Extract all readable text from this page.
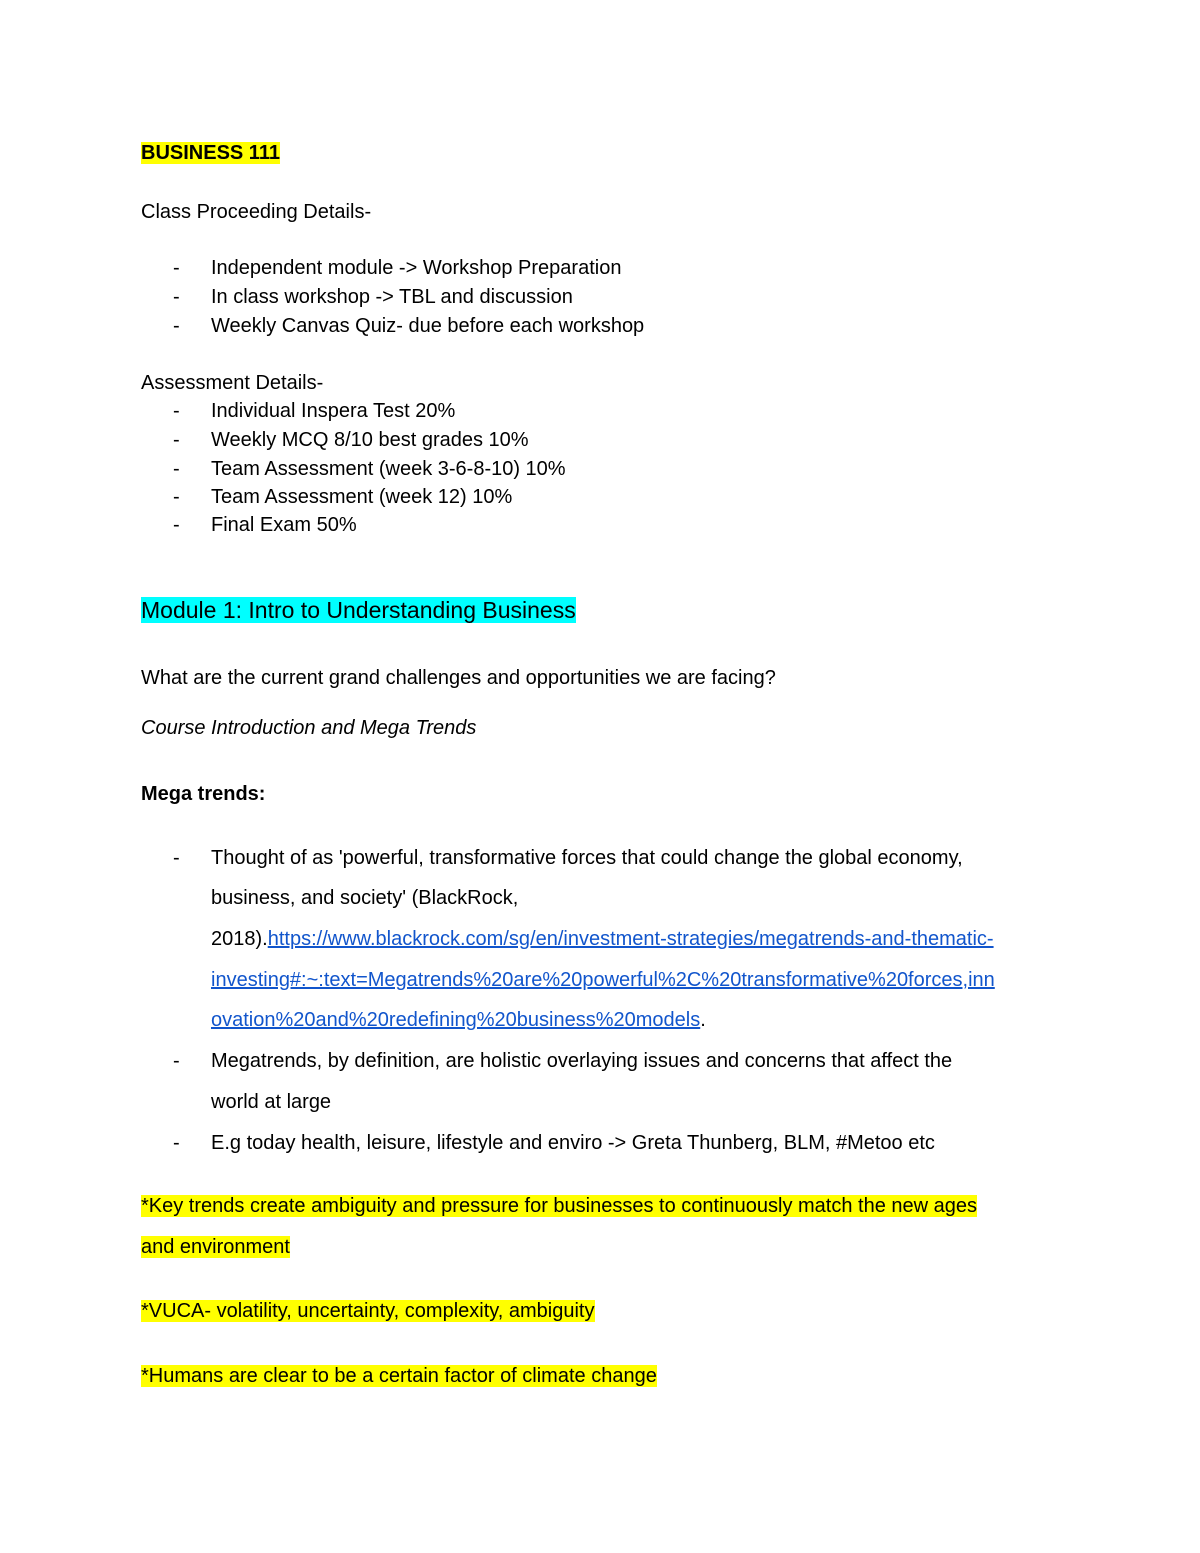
BUSINESS 111
Class Proceeding Details-
- Independent module -> Workshop Preparation
- In class workshop -> TBL and discussion
- Weekly Canvas Quiz- due before each workshop
Assessment Details-
- Individual Inspera Test 20%
- Weekly MCQ 8/10 best grades 10%
- Team Assessment (week 3-6-8-10) 10%
- Team Assessment (week 12) 10%
- Final Exam 50%
Module 1: Intro to Understanding Business
What are the current grand challenges and opportunities we are facing?
Course Introduction and Mega Trends
Mega trends:
- Thought of as 'powerful, transformative forces that could change the global economy,
business, and society' (BlackRock,
2018).https://www.blackrock.com/sg/en/investment-strategies/megatrends-and-thematic-
investing#:~:text=Megatrends%20are%20powerful%2C%20transformative%20forces,inn
ovation%20and%20redefining%20business%20models.
- Megatrends, by definition, are holistic overlaying issues and concerns that affect the
world at large
- E.g today health, leisure, lifestyle and enviro -> Greta Thunberg, BLM, #Metoo etc
*Key trends create ambiguity and pressure for businesses to continuously match the new ages
and environment
*VUCA- volatility, uncertainty, complexity, ambiguity
*Humans are clear to be a certain factor of climate change
